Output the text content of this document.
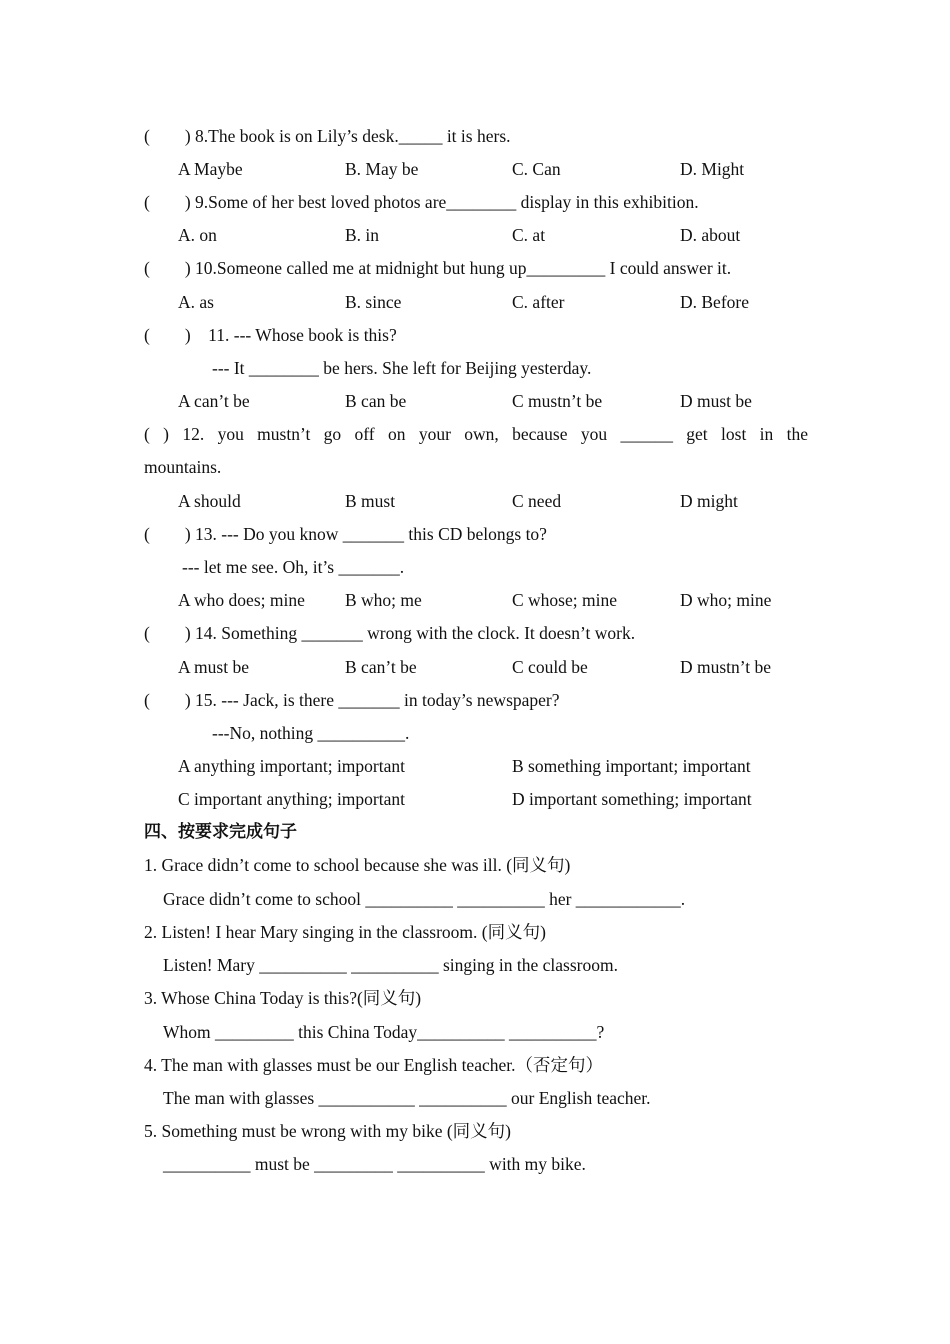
(        ) 8.The book is on Lily’s desk._____ it is hers.
A Maybe	B. May be	C. Can	D. Might
(        ) 9.Some of her best loved photos are________ display in this exhibition.
A. on	B. in	C. at	D. about
(        ) 10.Someone called me at midnight but hung up_________ I could answer it.
A. as	B. since	C. after	D. Before
(        )    11. --- Whose book is this?
--- It ________ be hers. She left for Beijing yesterday.
A can’t be	B can be	C mustn’t be	D must be
( ) 12. you mustn’t go off on your own, because you ______ get lost in the
mountains.
A should	B must	C need	D might
(        ) 13. --- Do you know _______ this CD belongs to?
--- let me see. Oh, it’s _______.
A who does; mine B who; me	C whose; mine	D who; mine
(        ) 14. Something _______ wrong with the clock. It doesn’t work.
A must be	B can’t be	C could be	D mustn’t be
(        ) 15. --- Jack, is there _______ in today’s newspaper?
---No, nothing __________.
A anything important; important	B something important; important
C important anything; important	D important something; important
四、按要求完成句子
1. Grace didn’t come to school because she was ill. (同义句)
Grace didn’t come to school __________ __________ her ____________.
2. Listen! I hear Mary singing in the classroom. (同义句)
Listen! Mary __________ __________ singing in the classroom.
3. Whose China Today is this?(同义句)
Whom _________ this China Today__________ __________?
4. The man with glasses must be our English teacher.（否定句）
The man with glasses ___________ __________ our English teacher.
5. Something must be wrong with my bike (同义句)
__________ must be _________ __________ with my bike.
